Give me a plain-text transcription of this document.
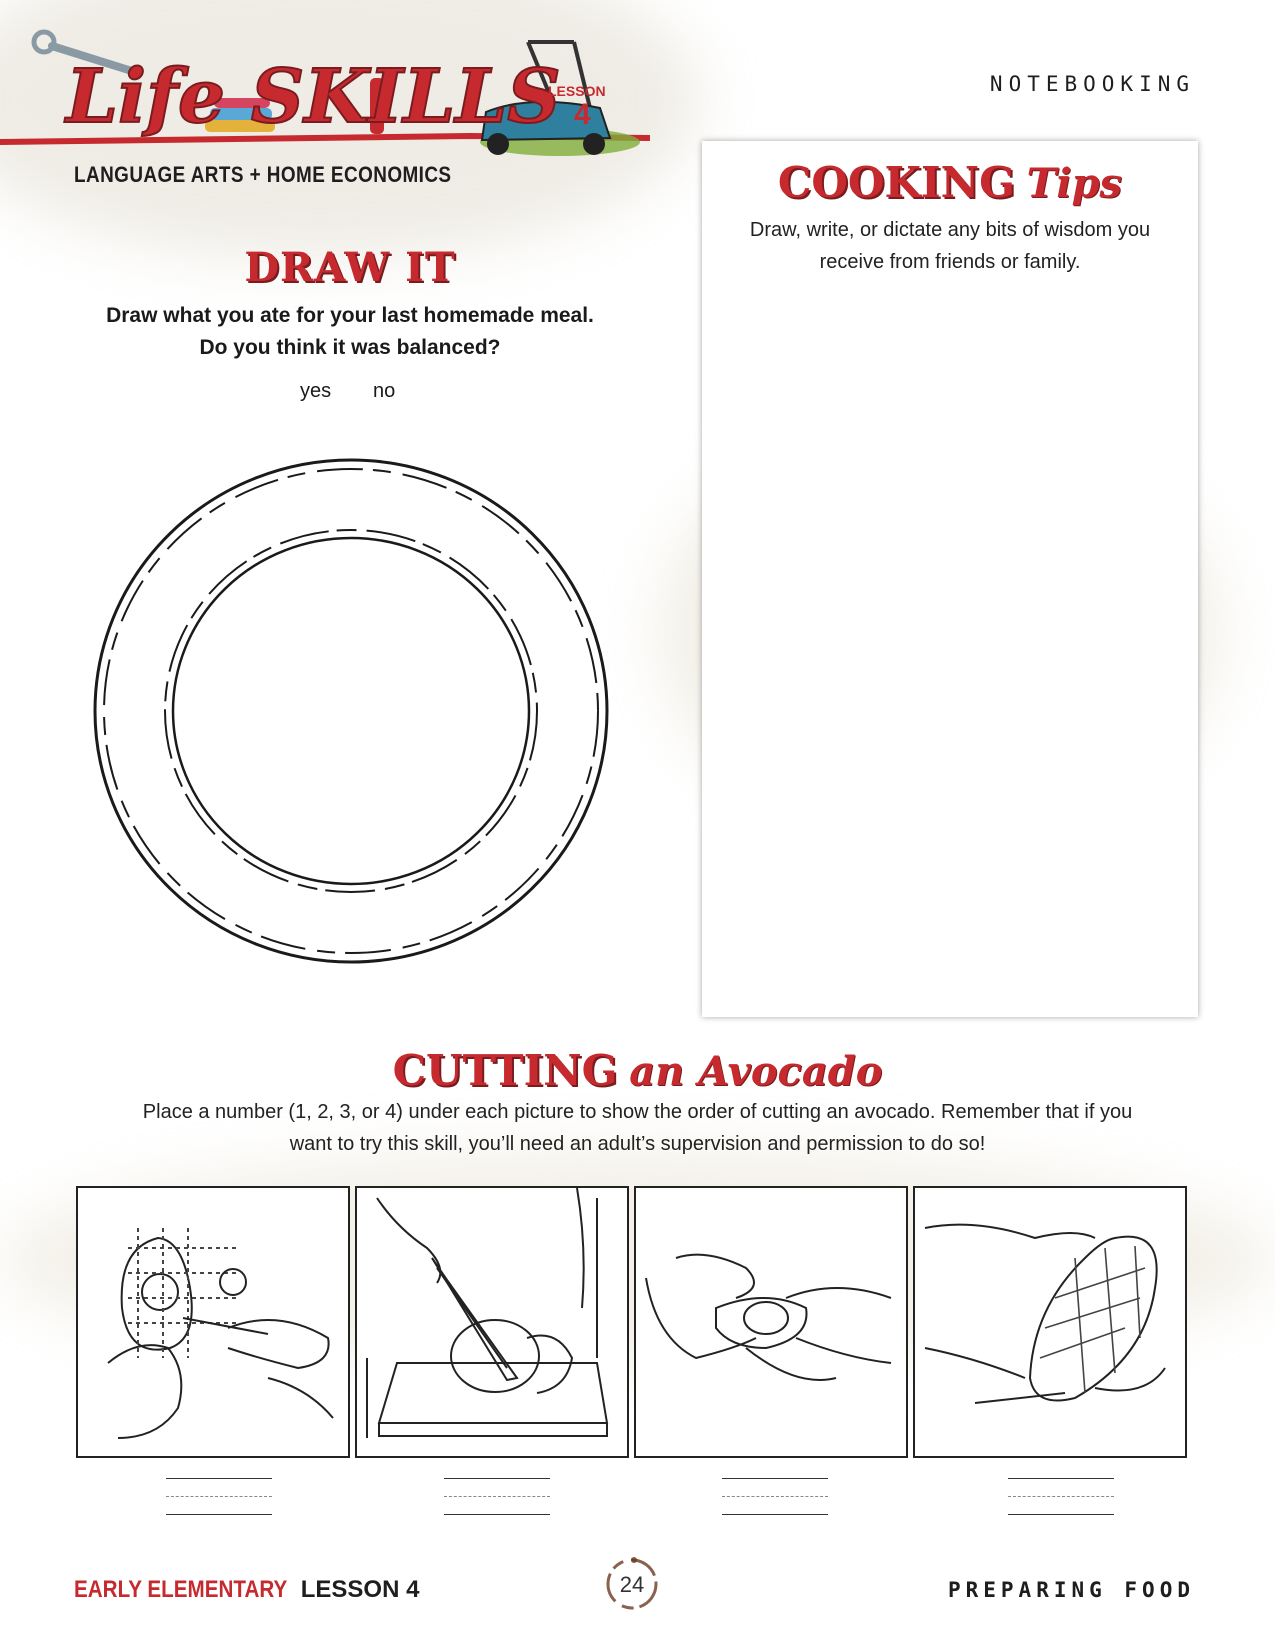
Life SKILLS
LESSON
4
LANGUAGE ARTS + HOME ECONOMICS
NOTEBOOKING
DRAW IT
Draw what you ate for your last homemade meal.
Do you think it was balanced?
yes no
COOKING Tips
Draw, write, or dictate any bits of wisdom you
receive from friends or family.
CUTTING an Avocado
Place a number (1, 2, 3, or 4) under each picture to show the order of cutting an avocado. Remember that if you
want to try this skill, you’ll need an adult’s supervision and permission to do so!
EARLY ELEMENTARY LESSON 4	24	PREPARING FOOD
